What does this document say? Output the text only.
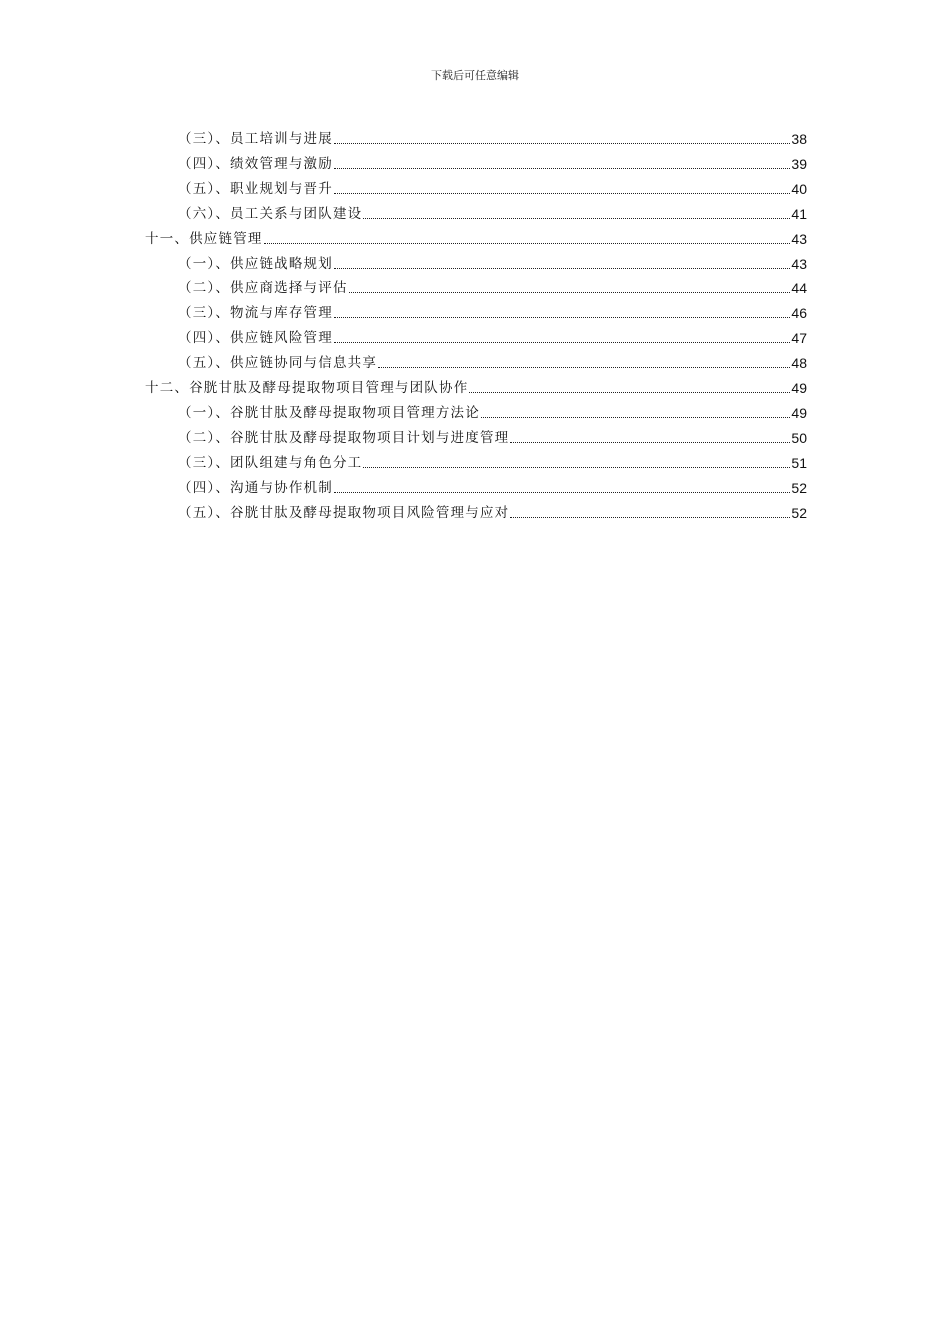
下载后可任意编辑
（三）、员工培训与进展	38
（四）、绩效管理与激励	39
（五）、职业规划与晋升	40
（六）、员工关系与团队建设	41
十一、供应链管理	43
（一）、供应链战略规划	43
（二）、供应商选择与评估	44
（三）、物流与库存管理	46
（四）、供应链风险管理	47
（五）、供应链协同与信息共享	48
十二、谷胱甘肽及酵母提取物项目管理与团队协作	49
（一）、谷胱甘肽及酵母提取物项目管理方法论	49
（二）、谷胱甘肽及酵母提取物项目计划与进度管理	50
（三）、团队组建与角色分工	51
（四）、沟通与协作机制	52
（五）、谷胱甘肽及酵母提取物项目风险管理与应对	52
